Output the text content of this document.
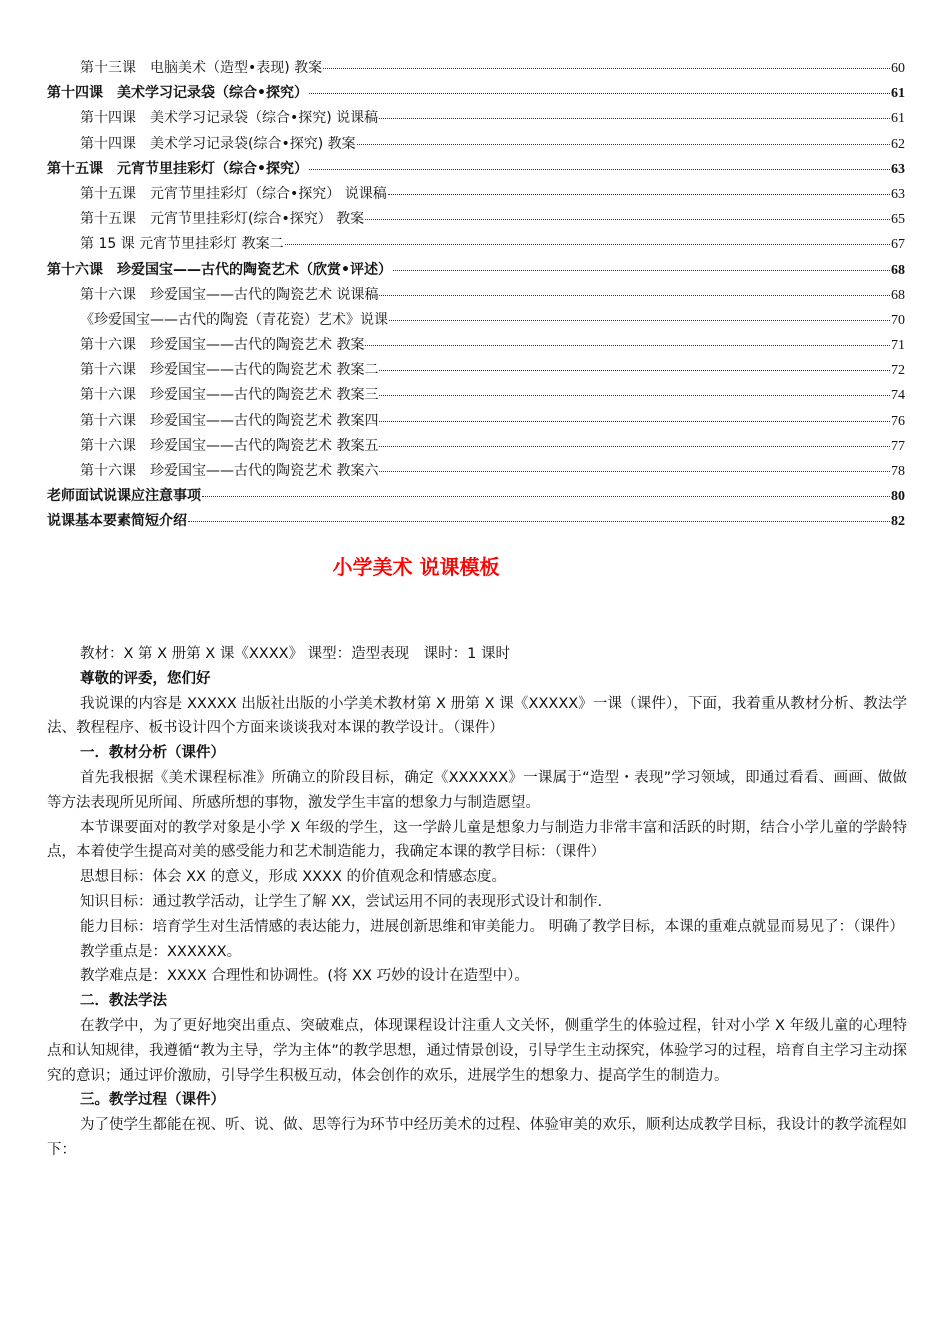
第十三课　电脑美术（造型•表现) 教案	60
第十四课　美术学习记录袋（综合•探究）	61
第十四课　美术学习记录袋（综合•探究) 说课稿	61
第十四课　美术学习记录袋(综合•探究) 教案	62
第十五课　元宵节里挂彩灯（综合•探究）	63
第十五课　元宵节里挂彩灯（综合•探究） 说课稿	63
第十五课　元宵节里挂彩灯(综合•探究） 教案	65
第 15 课 元宵节里挂彩灯 教案二	67
第十六课　珍爱国宝——古代的陶瓷艺术（欣赏•评述）	68
第十六课　珍爱国宝——古代的陶瓷艺术 说课稿	68
《珍爱国宝——古代的陶瓷（青花瓷）艺术》说课	70
第十六课　珍爱国宝——古代的陶瓷艺术 教案	71
第十六课　珍爱国宝——古代的陶瓷艺术 教案二	72
第十六课　珍爱国宝——古代的陶瓷艺术 教案三	74
第十六课　珍爱国宝——古代的陶瓷艺术 教案四	76
第十六课　珍爱国宝——古代的陶瓷艺术 教案五	77
第十六课　珍爱国宝——古代的陶瓷艺术 教案六	78
老师面试说课应注意事项	80
说课基本要素简短介绍	82
小学美术 说课模板

教材：X 第 X 册第 X 课《XXXX》 课型：造型表现　课时：1 课时

尊敬的评委，您们好

我说课的内容是 XXXXX 出版社出版的小学美术教材第 X 册第 X 课《XXXXX》一课（课件），下面，我着重从教材分析、教法学法、教程程序、板书设计四个方面来谈谈我对本课的教学设计。（课件）

一．教材分析（课件）

首先我根据《美术课程标准》所确立的阶段目标，确定《XXXXXX》一课属于“造型・表现”学习领域，即通过看看、画画、做做等方法表现所见所闻、所感所想的事物，激发学生丰富的想象力与制造愿望。

本节课要面对的教学对象是小学 X 年级的学生，这一学龄儿童是想象力与制造力非常丰富和活跃的时期，结合小学儿童的学龄特点，本着使学生提高对美的感受能力和艺术制造能力，我确定本课的教学目标：（课件）

思想目标：体会 XX 的意义，形成 XXXX 的价值观念和情感态度。

知识目标：通过教学活动，让学生了解 XX，尝试运用不同的表现形式设计和制作.

能力目标：培育学生对生活情感的表达能力，进展创新思维和审美能力。 明确了教学目标，本课的重难点就显而易见了：（课件）

教学重点是：XXXXXX。

教学难点是：XXXX 合理性和协调性。(将 XX 巧妙的设计在造型中）。

二．教法学法

在教学中，为了更好地突出重点、突破难点，体现课程设计注重人文关怀，侧重学生的体验过程，针对小学 X 年级儿童的心理特点和认知规律，我遵循“教为主导，学为主体”的教学思想，通过情景创设，引导学生主动探究，体验学习的过程，培育自主学习主动探究的意识；通过评价激励，引导学生积极互动，体会创作的欢乐，进展学生的想象力、提高学生的制造力。

三。教学过程（课件）

为了使学生都能在视、听、说、做、思等行为环节中经历美术的过程、体验审美的欢乐，顺利达成教学目标，我设计的教学流程如下：
